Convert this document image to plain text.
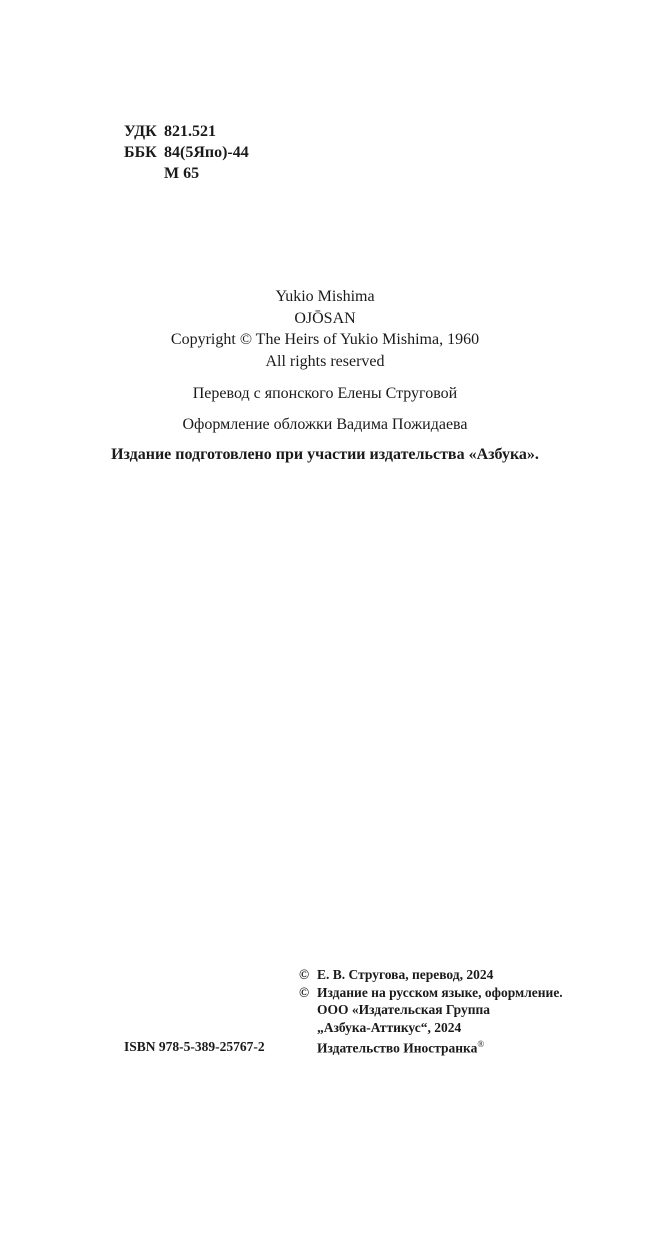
УДК 821.521
ББК 84(5Япо)-44
М 65
Yukio Mishima
OJŌSAN
Copyright © The Heirs of Yukio Mishima, 1960
All rights reserved
Перевод с японского Елены Струговой
Оформление обложки Вадима Пожидаева
Издание подготовлено при участии издательства «Азбука».
ISBN 978-5-389-25767-2
© Е. В. Стругова, перевод, 2024
© Издание на русском языке, оформление.
ООО «Издательская Группа
„Азбука-Аттикус“, 2024
Издательство Иностранка®
